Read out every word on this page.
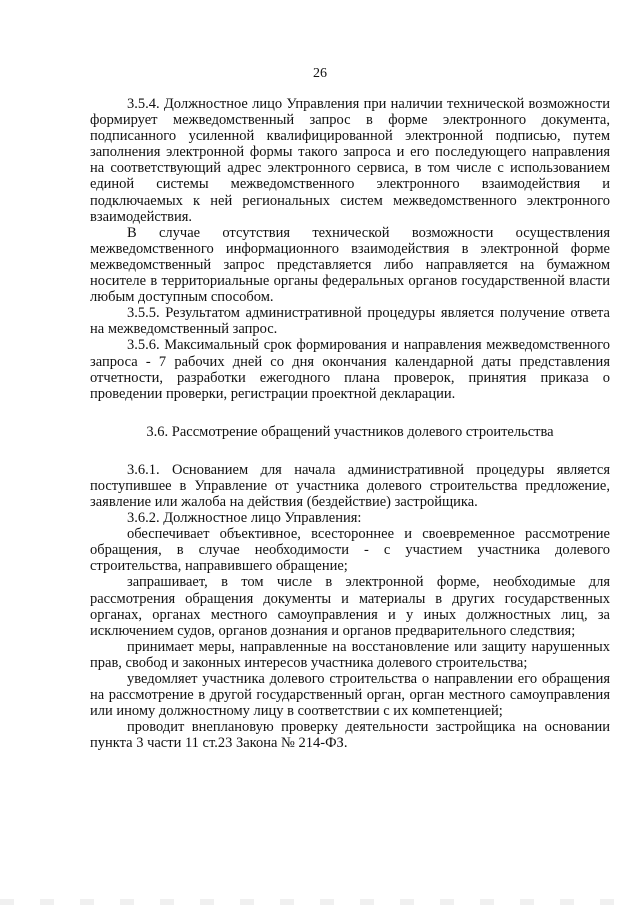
26

3.5.4. Должностное лицо Управления при наличии технической возможности формирует межведомственный запрос в форме электронного документа, подписанного усиленной квалифицированной электронной подписью, путем заполнения электронной формы такого запроса и его последующего направления на соответствующий адрес электронного сервиса, в том числе с использованием единой системы межведомственного электронного взаимодействия и подключаемых к ней региональных систем межведомственного электронного взаимодействия.

В случае отсутствия технической возможности осуществления межведомственного информационного взаимодействия в электронной форме межведомственный запрос представляется либо направляется на бумажном носителе в территориальные органы федеральных органов государственной власти любым доступным способом.

3.5.5. Результатом административной процедуры является получение ответа на межведомственный запрос.

3.5.6. Максимальный срок формирования и направления межведомственного запроса - 7 рабочих дней со дня окончания календарной даты представления отчетности, разработки ежегодного плана проверок, принятия приказа о проведении проверки, регистрации проектной декларации.

3.6. Рассмотрение обращений участников долевого строительства

3.6.1. Основанием для начала административной процедуры является поступившее в Управление от участника долевого строительства предложение, заявление или жалоба на действия (бездействие) застройщика.

3.6.2. Должностное лицо Управления:

обеспечивает объективное, всестороннее и своевременное рассмотрение обращения, в случае необходимости - с участием участника долевого строительства, направившего обращение;

запрашивает, в том числе в электронной форме, необходимые для рассмотрения обращения документы и материалы в других государственных органах, органах местного самоуправления и у иных должностных лиц, за исключением судов, органов дознания и органов предварительного следствия;

принимает меры, направленные на восстановление или защиту нарушенных прав, свобод и законных интересов участника долевого строительства;

уведомляет участника долевого строительства о направлении его обращения на рассмотрение в другой государственный орган, орган местного самоуправления или иному должностному лицу в соответствии с их компетенцией;

проводит внеплановую проверку деятельности застройщика на основании пункта 3 части 11 ст.23 Закона № 214-ФЗ.
